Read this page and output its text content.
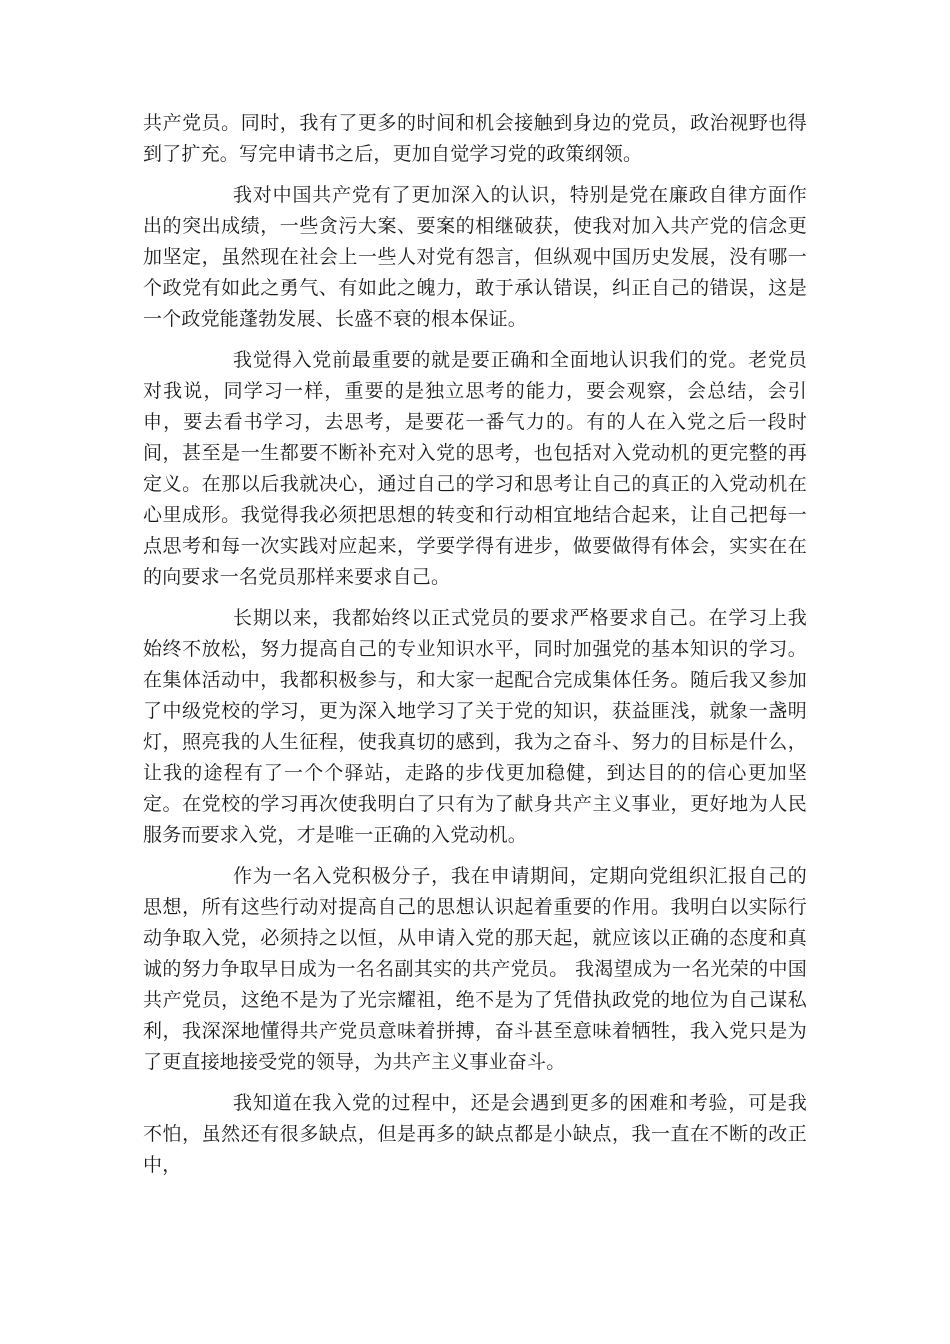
共产党员。同时，我有了更多的时间和机会接触到身边的党员，政治视野也得到了扩充。写完申请书之后，更加自觉学习党的政策纲领。

我对中国共产党有了更加深入的认识，特别是党在廉政自律方面作出的突出成绩，一些贪污大案、要案的相继破获，使我对加入共产党的信念更加坚定，虽然现在社会上一些人对党有怨言，但纵观中国历史发展，没有哪一个政党有如此之勇气、有如此之魄力，敢于承认错误，纠正自己的错误，这是一个政党能蓬勃发展、长盛不衰的根本保证。

我觉得入党前最重要的就是要正确和全面地认识我们的党。老党员对我说，同学习一样，重要的是独立思考的能力，要会观察，会总结，会引申，要去看书学习，去思考，是要花一番气力的。有的人在入党之后一段时间，甚至是一生都要不断补充对入党的思考，也包括对入党动机的更完整的再定义。在那以后我就决心，通过自己的学习和思考让自己的真正的入党动机在心里成形。我觉得我必须把思想的转变和行动相宜地结合起来，让自己把每一点思考和每一次实践对应起来，学要学得有进步，做要做得有体会，实实在在的向要求一名党员那样来要求自己。

长期以来，我都始终以正式党员的要求严格要求自己。在学习上我始终不放松，努力提高自己的专业知识水平，同时加强党的基本知识的学习。在集体活动中，我都积极参与，和大家一起配合完成集体任务。随后我又参加了中级党校的学习，更为深入地学习了关于党的知识，获益匪浅，就象一盏明灯，照亮我的人生征程，使我真切的感到，我为之奋斗、努力的目标是什么，让我的途程有了一个个驿站，走路的步伐更加稳健，到达目的的信心更加坚定。在党校的学习再次使我明白了只有为了献身共产主义事业，更好地为人民服务而要求入党，才是唯一正确的入党动机。

作为一名入党积极分子，我在申请期间，定期向党组织汇报自己的思想，所有这些行动对提高自己的思想认识起着重要的作用。我明白以实际行动争取入党，必须持之以恒，从申请入党的那天起，就应该以正确的态度和真诚的努力争取早日成为一名名副其实的共产党员。 我渴望成为一名光荣的中国共产党员，这绝不是为了光宗耀祖，绝不是为了凭借执政党的地位为自己谋私利，我深深地懂得共产党员意味着拼搏，奋斗甚至意味着牺牲，我入党只是为了更直接地接受党的领导，为共产主义事业奋斗。

我知道在我入党的过程中，还是会遇到更多的困难和考验，可是我不怕，虽然还有很多缺点，但是再多的缺点都是小缺点，我一直在不断的改正中，
